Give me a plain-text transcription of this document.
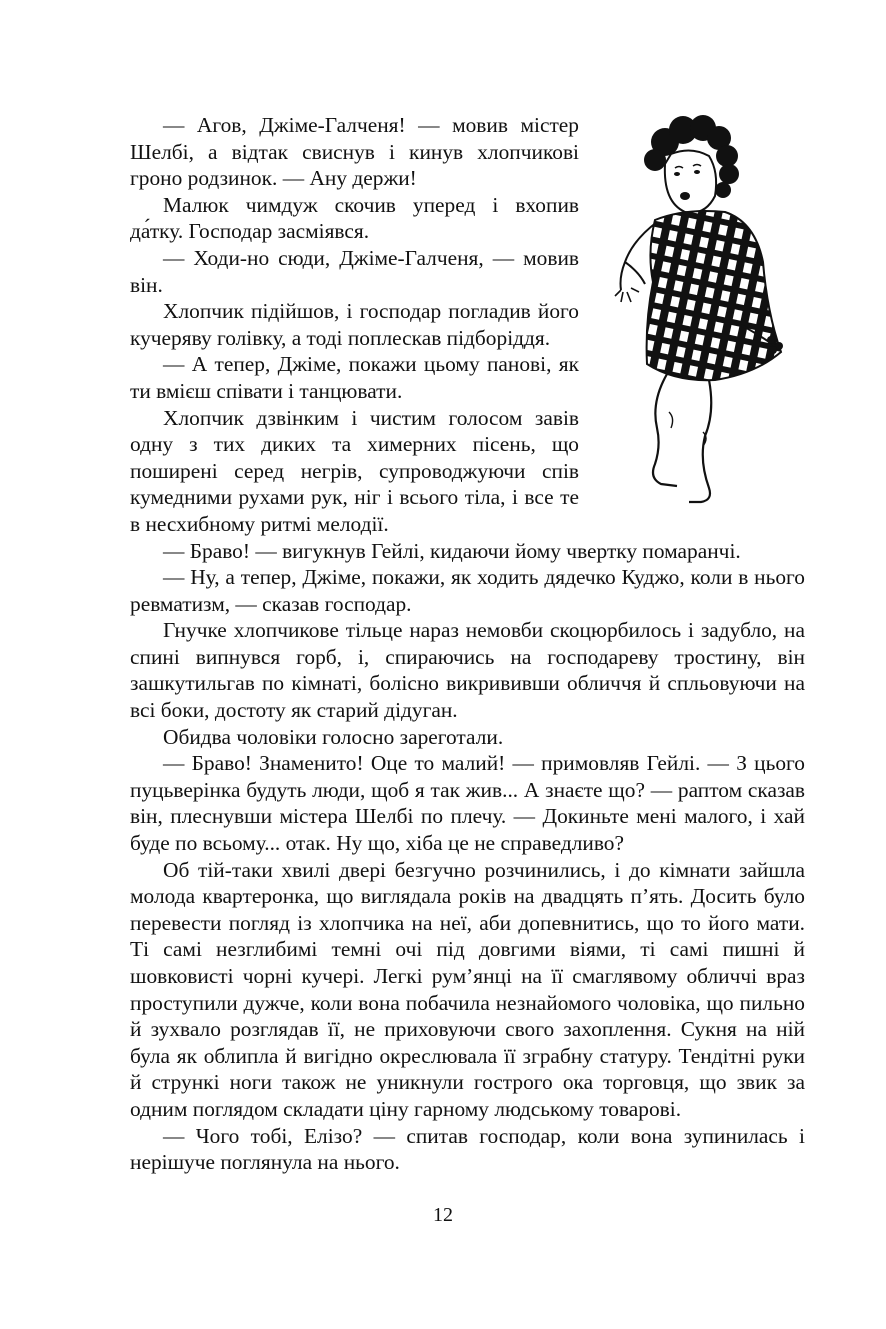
— Агов, Джіме-Галченя! — мовив містер Шелбі, а відтак свиснув і кинув хлопчикові гроно родзинок. — Ану держи!

Малюк чимдуж скочив уперед і вхопив да́тку. Господар засміявся.

— Ходи-но сюди, Джіме-Галченя, — мовив він.

Хлопчик підійшов, і господар погладив його кучеряву голівку, а тоді поплескав підборіддя.

— А тепер, Джіме, покажи цьому панові, як ти вмієш співати і танцювати.

Хлопчик дзвінким і чистим голосом завів одну з тих диких та химерних пісень, що поширені серед негрів, супроводжуючи спів кумедними рухами рук, ніг і всього тіла, і все те в несхибному ритмі мелодії.

— Браво! — вигукнув Гейлі, кидаючи йому чвертку помаранчі.

— Ну, а тепер, Джіме, покажи, як ходить дядечко Куджо, коли в нього ревматизм, — сказав господар.

Гнучке хлопчикове тільце нараз немовби скоцюрбилось і задубло, на спині випнувся горб, і, спираючись на господареву тростину, він зашкутильгав по кімнаті, болісно викрививши обличчя й спльовуючи на всі боки, достоту як старий дідуган.

Обидва чоловіки голосно зареготали.

— Браво! Знаменито! Оце то малий! — примовляв Гейлі. — З цього пуцьверінка будуть люди, щоб я так жив... А знаєте що? — раптом сказав він, плеснувши містера Шелбі по плечу. — Докиньте мені малого, і хай буде по всьому... отак. Ну що, хіба це не справедливо?

Об тій-таки хвилі двері безгучно розчинились, і до кімнати зайшла молода квартеронка, що виглядала років на двадцять п’ять. Досить було перевести погляд із хлопчика на неї, аби допевнитись, що то його мати. Ті самі незглибимі темні очі під довгими віями, ті самі пишні й шовковисті чорні кучері. Легкі рум’янці на її смаглявому обличчі враз проступили дужче, коли вона побачила незнайомого чоловіка, що пильно й зухвало розглядав її, не приховуючи свого захоплення. Сукня на ній була як облипла й вигідно окреслювала її зграбну статуру. Тендітні руки й стрункі ноги також не уникнули гострого ока торговця, що звик за одним поглядом складати ціну гарному людському товарові.

— Чого тобі, Елізо? — спитав господар, коли вона зупинилась і нерішуче поглянула на нього.

12
